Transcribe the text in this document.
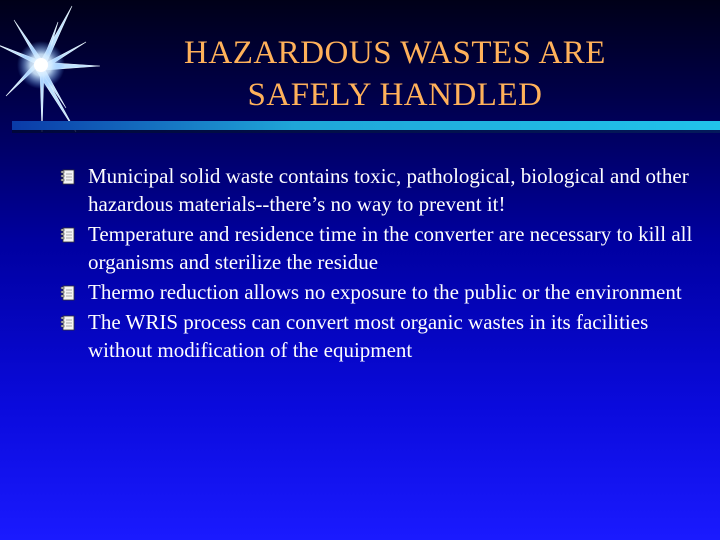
HAZARDOUS WASTES ARE
SAFELY HANDLED
Municipal solid waste contains toxic, pathological, biological and other hazardous materials--there’s no way to prevent it!
Temperature and residence time in the converter are necessary to kill all organisms and sterilize the residue
Thermo reduction allows no exposure to the public or the environment
The WRIS process can convert most organic wastes in its facilities without modification of the equipment
